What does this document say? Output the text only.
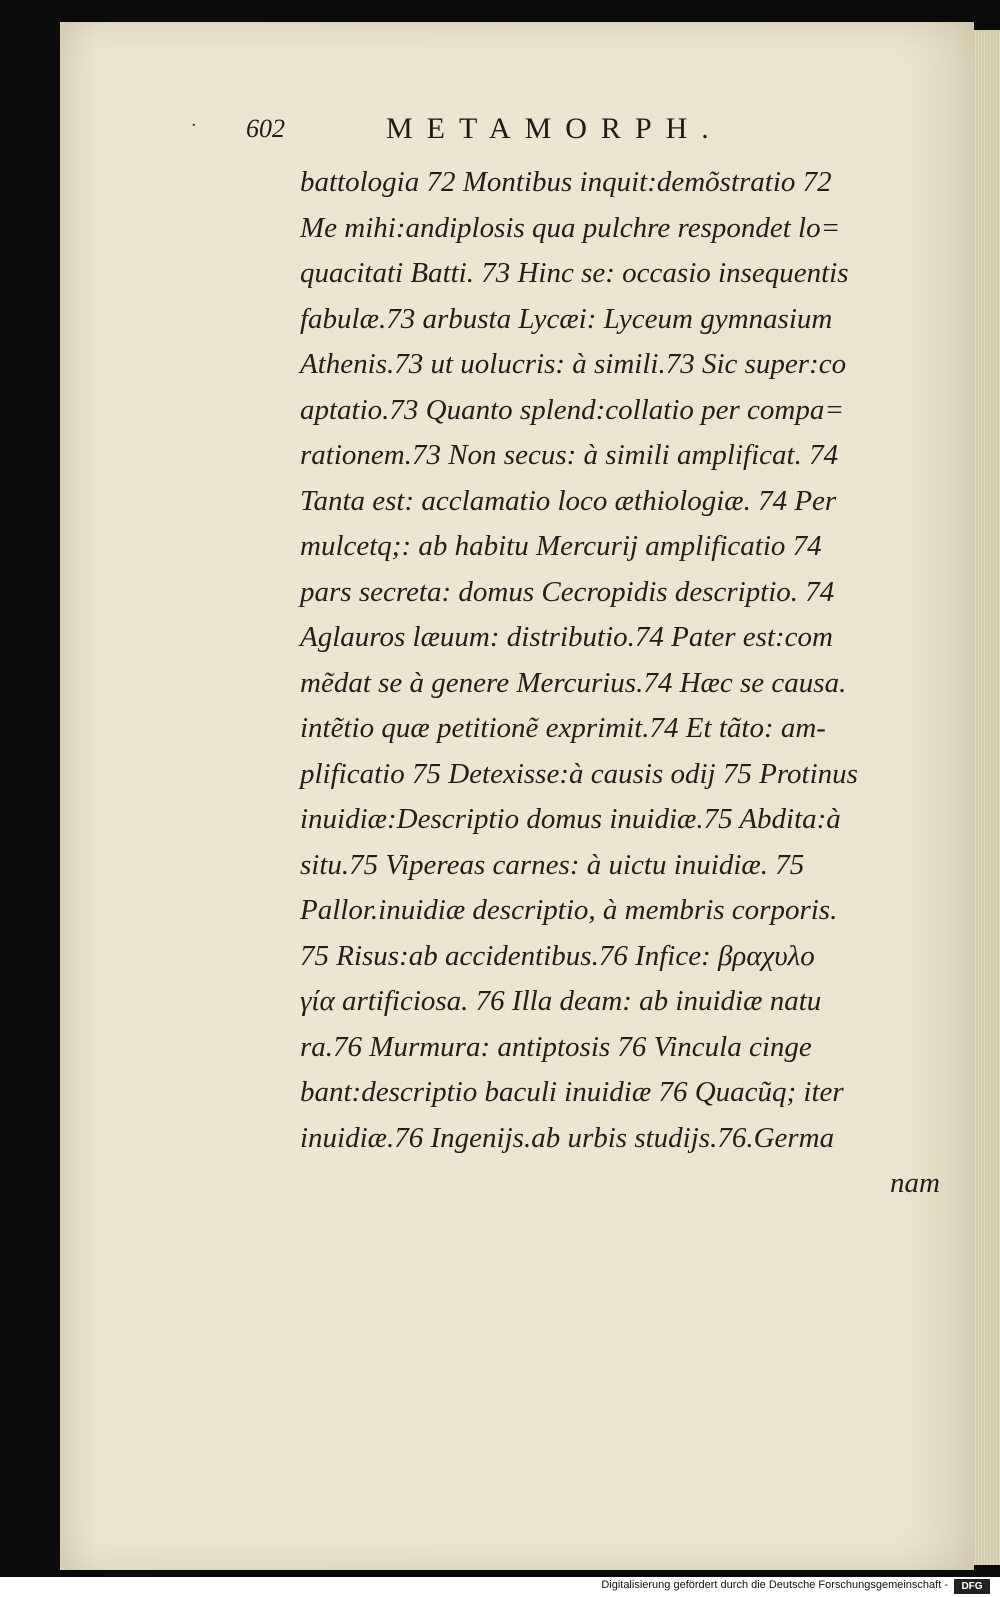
· 602	METAMORPH.
battologia 72 Montibus inquit:demõstratio 72
Me mihi:andiplosis qua pulchre respondet lo=
quacitati Batti. 73 Hinc se: occasio insequentis
fabulæ.73 arbusta Lycæi: Lyceum gymnasium
Athenis.73 ut uolucris: à simili.73 Sic super:co
aptatio.73 Quanto splend:collatio per compa=
rationem.73 Non secus: à simili amplificat. 74
Tanta est: acclamatio loco æthiologiæ. 74 Per
mulcetq;: ab habitu Mercurij amplificatio 74
pars secreta: domus Cecropidis descriptio. 74
Aglauros læuum: distributio.74 Pater est:com
mẽdat se à genere Mercurius.74 Hæc se causa.
intẽtio quæ petitionẽ exprimit.74 Et tãto: am-
plificatio 75 Detexisse:à causis odij 75 Protinus
inuidiæ:Descriptio domus inuidiæ.75 Abdita:à
situ.75 Vipereas carnes: à uictu inuidiæ. 75
Pallor.inuidiæ descriptio, à membris corporis.
75 Risus:ab accidentibus.76 Infice: βραχυλο
γία artificiosa. 76 Illa deam: ab inuidiæ natu
ra.76 Murmura: antiptosis 76 Vincula cinge
bant:descriptio baculi inuidiæ 76 Quacũq; iter
inuidiæ.76 Ingenijs.ab urbis studijs.76.Germa
nam
Digitalisierung gefördert durch die Deutsche Forschungsgemeinschaft -	DFG
